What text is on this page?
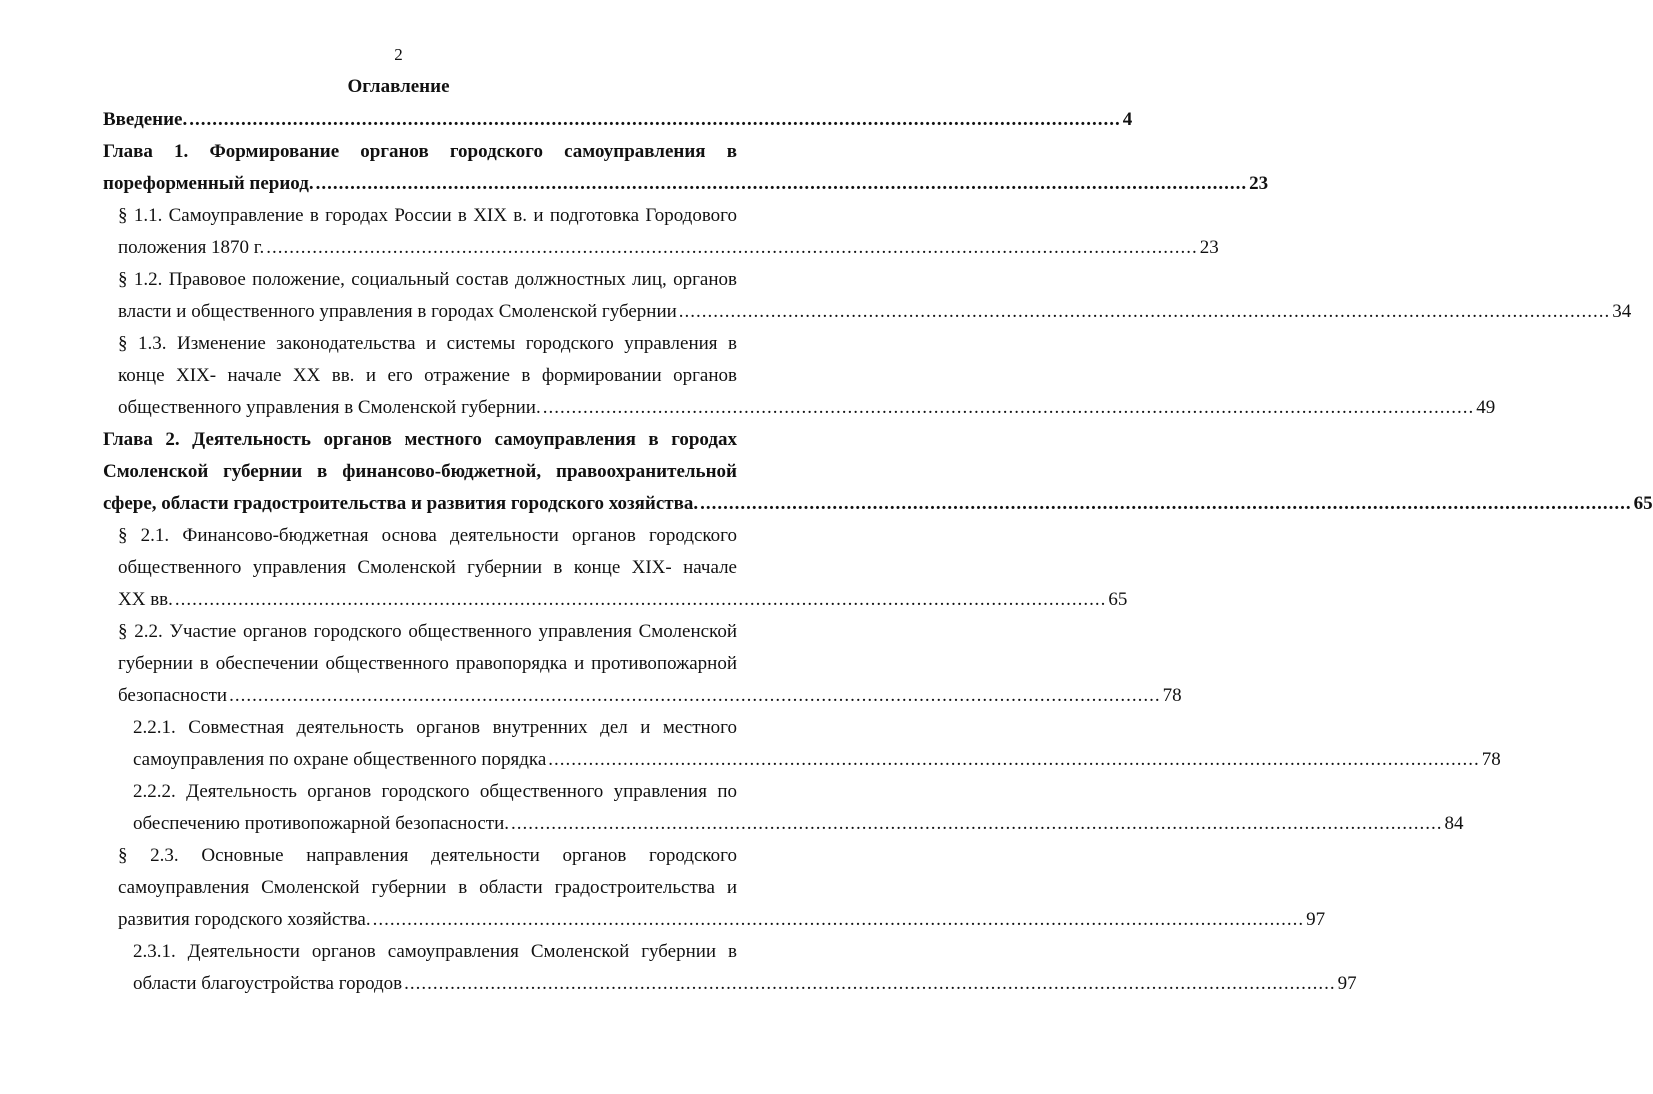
2
Оглавление
Введение. .................................................................................................................................................................. 4
Глава 1. Формирование органов городского самоуправления в
пореформенный период. .................................................................................................................................................................. 23
§ 1.1. Самоуправление в городах России в XIX в. и подготовка Городового
положения 1870 г. .................................................................................................................................................................. 23
§ 1.2. Правовое положение, социальный состав должностных лиц, органов
власти и общественного управления в городах Смоленской губернии .................................................................................................................................................................. 34
§ 1.3. Изменение законодательства и системы городского управления в
конце XIX- начале XX вв. и его отражение в формировании органов
общественного управления в Смоленской губернии. .................................................................................................................................................................. 49
Глава 2. Деятельность органов местного самоуправления в городах
Смоленской губернии в финансово-бюджетной, правоохранительной
сфере, области градостроительства и развития городского хозяйства. .................................................................................................................................................................. 65
§ 2.1. Финансово-бюджетная основа деятельности органов городского
общественного управления Смоленской губернии в конце XIX- начале
XX вв. .................................................................................................................................................................. 65
§ 2.2. Участие органов городского общественного управления Смоленской
губернии в обеспечении общественного правопорядка и противопожарной
безопасности .................................................................................................................................................................. 78
2.2.1. Совместная деятельность органов внутренних дел и местного
самоуправления по охране общественного порядка .................................................................................................................................................................. 78
2.2.2. Деятельность органов городского общественного управления по
обеспечению противопожарной безопасности. .................................................................................................................................................................. 84
§ 2.3. Основные направления деятельности органов городского
самоуправления Смоленской губернии в области градостроительства и
развития городского хозяйства. .................................................................................................................................................................. 97
2.3.1. Деятельности органов самоуправления Смоленской губернии в
области благоустройства городов .................................................................................................................................................................. 97
